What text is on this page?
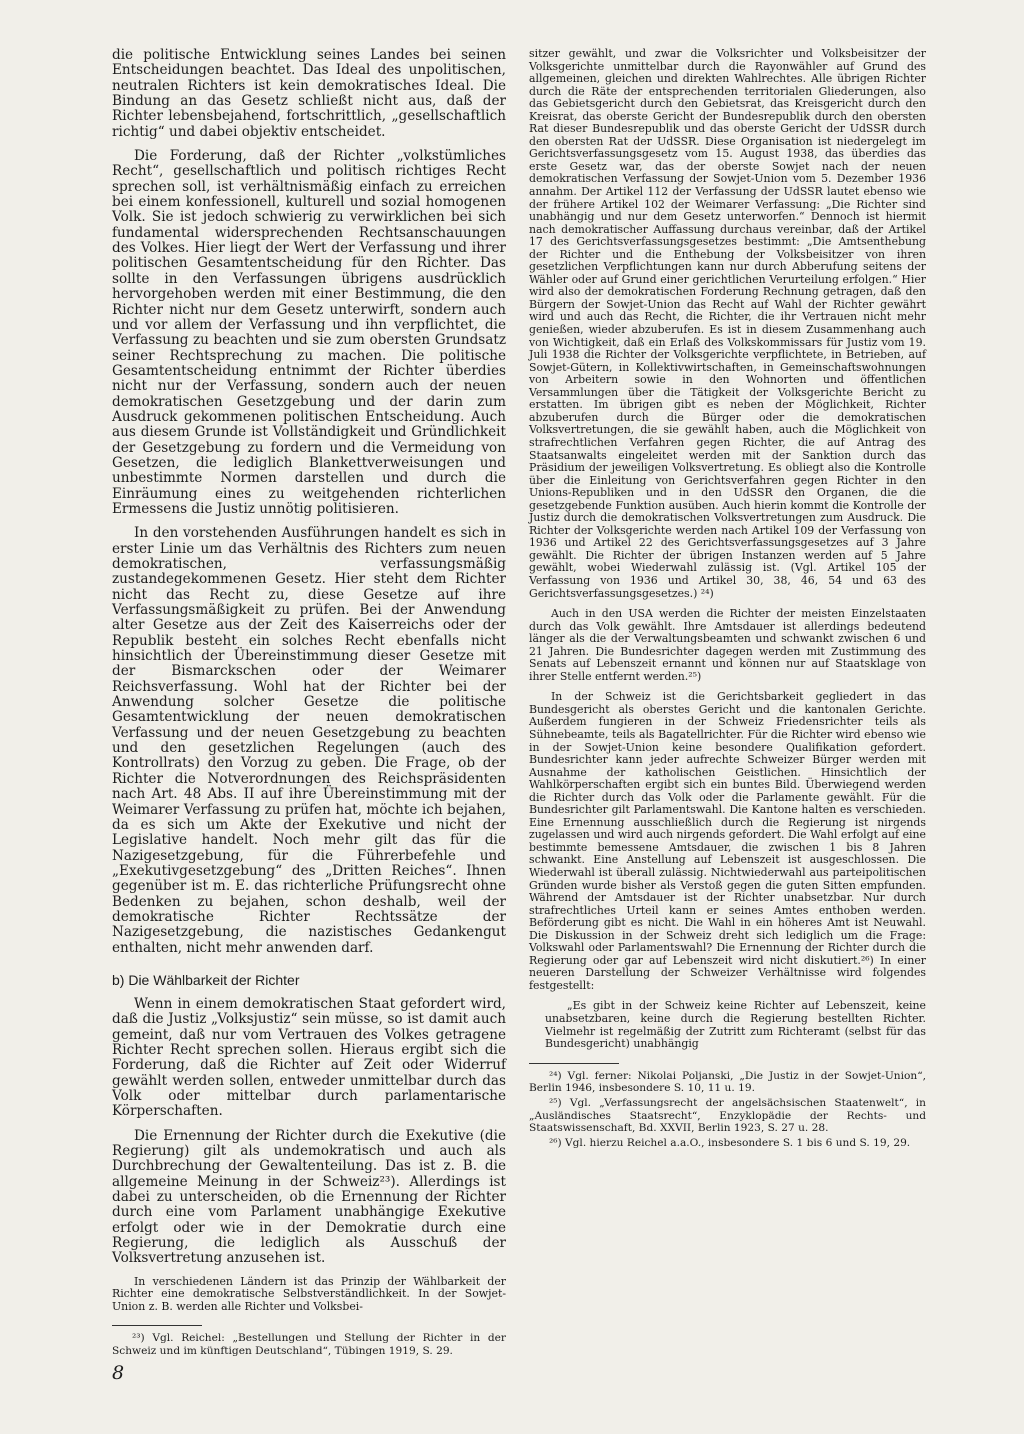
die politische Entwicklung seines Landes bei seinen Entscheidungen beachtet. Das Ideal des unpolitischen, neutralen Richters ist kein demokratisches Ideal. Die Bindung an das Gesetz schließt nicht aus, daß der Richter lebensbejahend, fortschrittlich, „gesellschaftlich richtig“ und dabei objektiv entscheidet.

Die Forderung, daß der Richter „volkstümliches Recht“, gesellschaftlich und politisch richtiges Recht sprechen soll, ist verhältnismäßig einfach zu erreichen bei einem konfessionell, kulturell und sozial homogenen Volk. Sie ist jedoch schwierig zu verwirklichen bei sich fundamental widersprechenden Rechtsanschauungen des Volkes. Hier liegt der Wert der Verfassung und ihrer politischen Gesamtentscheidung für den Richter. Das sollte in den Verfassungen übrigens ausdrücklich hervorgehoben werden mit einer Bestimmung, die den Richter nicht nur dem Gesetz unterwirft, sondern auch und vor allem der Verfassung und ihn verpflichtet, die Verfassung zu beachten und sie zum obersten Grundsatz seiner Rechtsprechung zu machen. Die politische Gesamtentscheidung entnimmt der Richter überdies nicht nur der Verfassung, sondern auch der neuen demokratischen Gesetzgebung und der darin zum Ausdruck gekommenen politischen Entscheidung. Auch aus diesem Grunde ist Vollständigkeit und Gründlichkeit der Gesetzgebung zu fordern und die Vermeidung von Gesetzen, die lediglich Blankettverweisungen und unbestimmte Normen darstellen und durch die Einräumung eines zu weitgehenden richterlichen Ermessens die Justiz unnötig politisieren.

In den vorstehenden Ausführungen handelt es sich in erster Linie um das Verhältnis des Richters zum neuen demokratischen, verfassungsmäßig zustandegekommenen Gesetz. Hier steht dem Richter nicht das Recht zu, diese Gesetze auf ihre Verfassungsmäßigkeit zu prüfen. Bei der Anwendung alter Gesetze aus der Zeit des Kaiserreichs oder der Republik besteht ein solches Recht ebenfalls nicht hinsichtlich der Übereinstimmung dieser Gesetze mit der Bismarckschen oder der Weimarer Reichsverfassung. Wohl hat der Richter bei der Anwendung solcher Gesetze die politische Gesamtentwicklung der neuen demokratischen Verfassung und der neuen Gesetzgebung zu beachten und den gesetzlichen Regelungen (auch des Kontrollrats) den Vorzug zu geben. Die Frage, ob der Richter die Notverordnungen des Reichspräsidenten nach Art. 48 Abs. II auf ihre Übereinstimmung mit der Weimarer Verfassung zu prüfen hat, möchte ich bejahen, da es sich um Akte der Exekutive und nicht der Legislative handelt. Noch mehr gilt das für die Nazigesetzgebung, für die Führerbefehle und „Exekutivgesetzgebung“ des „Dritten Reiches“. Ihnen gegenüber ist m. E. das richterliche Prüfungsrecht ohne Bedenken zu bejahen, schon deshalb, weil der demokratische Richter Rechtssätze der Nazigesetzgebung, die nazistisches Gedankengut enthalten, nicht mehr anwenden darf.

b) Die Wählbarkeit der Richter

Wenn in einem demokratischen Staat gefordert wird, daß die Justiz „Volksjustiz“ sein müsse, so ist damit auch gemeint, daß nur vom Vertrauen des Volkes getragene Richter Recht sprechen sollen. Hieraus ergibt sich die Forderung, daß die Richter auf Zeit oder Widerruf gewählt werden sollen, entweder unmittelbar durch das Volk oder mittelbar durch parlamentarische Körperschaften.

Die Ernennung der Richter durch die Exekutive (die Regierung) gilt als undemokratisch und auch als Durchbrechung der Gewaltenteilung. Das ist z. B. die allgemeine Meinung in der Schweiz²³). Allerdings ist dabei zu unterscheiden, ob die Ernennung der Richter durch eine vom Parlament unabhängige Exekutive erfolgt oder wie in der Demokratie durch eine Regierung, die lediglich als Ausschuß der Volksvertretung anzusehen ist.

In verschiedenen Ländern ist das Prinzip der Wählbarkeit der Richter eine demokratische Selbstverständlichkeit. In der Sowjet-Union z. B. werden alle Richter und Volksbei-

²³) Vgl. Reichel: „Bestellungen und Stellung der Richter in der Schweiz und im künftigen Deutschland“, Tübingen 1919, S. 29.

sitzer gewählt, und zwar die Volksrichter und Volksbeisitzer der Volksgerichte unmittelbar durch die Rayonwähler auf Grund des allgemeinen, gleichen und direkten Wahlrechtes. Alle übrigen Richter durch die Räte der entsprechenden territorialen Gliederungen, also das Gebietsgericht durch den Gebietsrat, das Kreisgericht durch den Kreisrat, das oberste Gericht der Bundesrepublik durch den obersten Rat dieser Bundesrepublik und das oberste Gericht der UdSSR durch den obersten Rat der UdSSR. Diese Organisation ist niedergelegt im Gerichtsverfassungsgesetz vom 15. August 1938, das überdies das erste Gesetz war, das der oberste Sowjet nach der neuen demokratischen Verfassung der Sowjet-Union vom 5. Dezember 1936 annahm. Der Artikel 112 der Verfassung der UdSSR lautet ebenso wie der frühere Artikel 102 der Weimarer Verfassung: „Die Richter sind unabhängig und nur dem Gesetz unterworfen.“ Dennoch ist hiermit nach demokratischer Auffassung durchaus vereinbar, daß der Artikel 17 des Gerichtsverfassungsgesetzes bestimmt: „Die Amtsenthebung der Richter und die Enthebung der Volksbeisitzer von ihren gesetzlichen Verpflichtungen kann nur durch Abberufung seitens der Wähler oder auf Grund einer gerichtlichen Verurteilung erfolgen.“ Hier wird also der demokratischen Forderung Rechnung getragen, daß den Bürgern der Sowjet-Union das Recht auf Wahl der Richter gewährt wird und auch das Recht, die Richter, die ihr Vertrauen nicht mehr genießen, wieder abzuberufen. Es ist in diesem Zusammenhang auch von Wichtigkeit, daß ein Erlaß des Volkskommissars für Justiz vom 19. Juli 1938 die Richter der Volksgerichte verpflichtete, in Betrieben, auf Sowjet-Gütern, in Kollektivwirtschaften, in Gemeinschaftswohnungen von Arbeitern sowie in den Wohnorten und öffentlichen Versammlungen über die Tätigkeit der Volksgerichte Bericht zu erstatten. Im übrigen gibt es neben der Möglichkeit, Richter abzuberufen durch die Bürger oder die demokratischen Volksvertretungen, die sie gewählt haben, auch die Möglichkeit von strafrechtlichen Verfahren gegen Richter, die auf Antrag des Staatsanwalts eingeleitet werden mit der Sanktion durch das Präsidium der jeweiligen Volksvertretung. Es obliegt also die Kontrolle über die Einleitung von Gerichtsverfahren gegen Richter in den Unions-Republiken und in den UdSSR den Organen, die die gesetzgebende Funktion ausüben. Auch hierin kommt die Kontrolle der Justiz durch die demokratischen Volksvertretungen zum Ausdruck. Die Richter der Volksgerichte werden nach Artikel 109 der Verfassung von 1936 und Artikel 22 des Gerichtsverfassungsgesetzes auf 3 Jahre gewählt. Die Richter der übrigen Instanzen werden auf 5 Jahre gewählt, wobei Wiederwahl zulässig ist. (Vgl. Artikel 105 der Verfassung von 1936 und Artikel 30, 38, 46, 54 und 63 des Gerichtsverfassungsgesetzes.) ²⁴)

Auch in den USA werden die Richter der meisten Einzelstaaten durch das Volk gewählt. Ihre Amtsdauer ist allerdings bedeutend länger als die der Verwaltungsbeamten und schwankt zwischen 6 und 21 Jahren. Die Bundesrichter dagegen werden mit Zustimmung des Senats auf Lebenszeit ernannt und können nur auf Staatsklage von ihrer Stelle entfernt werden.²⁵)

In der Schweiz ist die Gerichtsbarkeit gegliedert in das Bundesgericht als oberstes Gericht und die kantonalen Gerichte. Außerdem fungieren in der Schweiz Friedensrichter teils als Sühnebeamte, teils als Bagatellrichter. Für die Richter wird ebenso wie in der Sowjet-Union keine besondere Qualifikation gefordert. Bundesrichter kann jeder aufrechte Schweizer Bürger werden mit Ausnahme der katholischen Geistlichen. Hinsichtlich der Wahlkörperschaften ergibt sich ein buntes Bild. Überwiegend werden die Richter durch das Volk oder die Parlamente gewählt. Für die Bundesrichter gilt Parlamentswahl. Die Kantone halten es verschieden. Eine Ernennung ausschließlich durch die Regierung ist nirgends zugelassen und wird auch nirgends gefordert. Die Wahl erfolgt auf eine bestimmte bemessene Amtsdauer, die zwischen 1 bis 8 Jahren schwankt. Eine Anstellung auf Lebenszeit ist ausgeschlossen. Die Wiederwahl ist überall zulässig. Nichtwiederwahl aus parteipolitischen Gründen wurde bisher als Verstoß gegen die guten Sitten empfunden. Während der Amtsdauer ist der Richter unabsetzbar. Nur durch strafrechtliches Urteil kann er seines Amtes enthoben werden. Beförderung gibt es nicht. Die Wahl in ein höheres Amt ist Neuwahl. Die Diskussion in der Schweiz dreht sich lediglich um die Frage: Volkswahl oder Parlamentswahl? Die Ernennung der Richter durch die Regierung oder gar auf Lebenszeit wird nicht diskutiert.²⁶) In einer neueren Darstellung der Schweizer Verhältnisse wird folgendes festgestellt:

„Es gibt in der Schweiz keine Richter auf Lebenszeit, keine unabsetzbaren, keine durch die Regierung bestellten Richter. Vielmehr ist regelmäßig der Zutritt zum Richteramt (selbst für das Bundesgericht) unabhängig

²⁴) Vgl. ferner: Nikolai Poljanski, „Die Justiz in der Sowjet-Union“, Berlin 1946, insbesondere S. 10, 11 u. 19.

²⁵) Vgl. „Verfassungsrecht der angelsächsischen Staatenwelt“, in „Ausländisches Staatsrecht“, Enzyklopädie der Rechts- und Staatswissenschaft, Bd. XXVII, Berlin 1923, S. 27 u. 28.

²⁶) Vgl. hierzu Reichel a.a.O., insbesondere S. 1 bis 6 und S. 19, 29.

8
